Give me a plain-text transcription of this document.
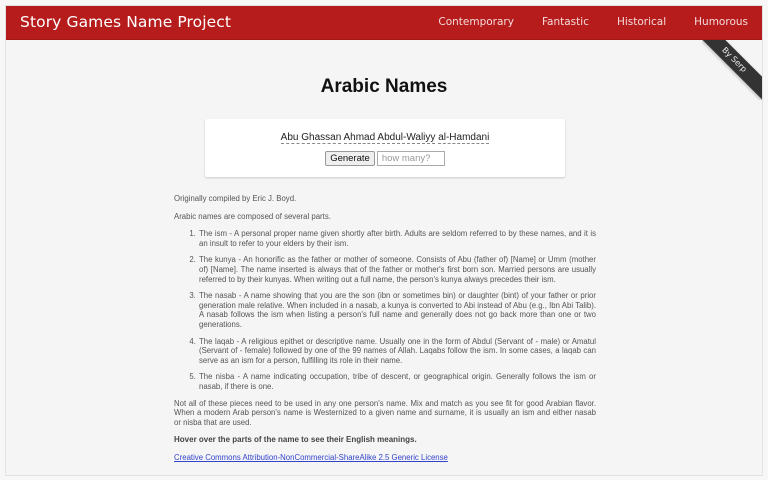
Story Games Name Project	Contemporary	Fantastic	Historical	Humorous
By Serp
Arabic Names
Abu Ghassan Ahmad Abdul-Waliyy al-Hamdani
Generate
how many?

Originally compiled by Eric J. Boyd.

Arabic names are composed of several parts.

1. The ism - A personal proper name given shortly after birth. Adults are seldom referred to by these names, and it is an insult to refer to your elders by their ism.
2. The kunya - An honorific as the father or mother of someone. Consists of Abu (father of) [Name] or Umm (mother of) [Name]. The name inserted is always that of the father or mother's first born son. Married persons are usually referred to by their kunyas. When writing out a full name, the person's kunya always precedes their ism.
3. The nasab - A name showing that you are the son (ibn or sometimes bin) or daughter (bint) of your father or prior generation male relative. When included in a nasab, a kunya is converted to Abi instead of Abu (e.g., Ibn Abi Talib). A nasab follows the ism when listing a person's full name and generally does not go back more than one or two generations.
4. The laqab - A religious epithet or descriptive name. Usually one in the form of Abdul (Servant of - male) or Amatul (Servant of - female) followed by one of the 99 names of Allah. Laqabs follow the ism. In some cases, a laqab can serve as an ism for a person, fulfilling its role in their name.
5. The nisba - A name indicating occupation, tribe of descent, or geographical origin. Generally follows the ism or nasab, if there is one.

Not all of these pieces need to be used in any one person's name. Mix and match as you see fit for good Arabian flavor. When a modern Arab person's name is Westernized to a given name and surname, it is usually an ism and either nasab or nisba that are used.

Hover over the parts of the name to see their English meanings.

Creative Commons Attribution-NonCommercial-ShareAlike 2.5 Generic License
